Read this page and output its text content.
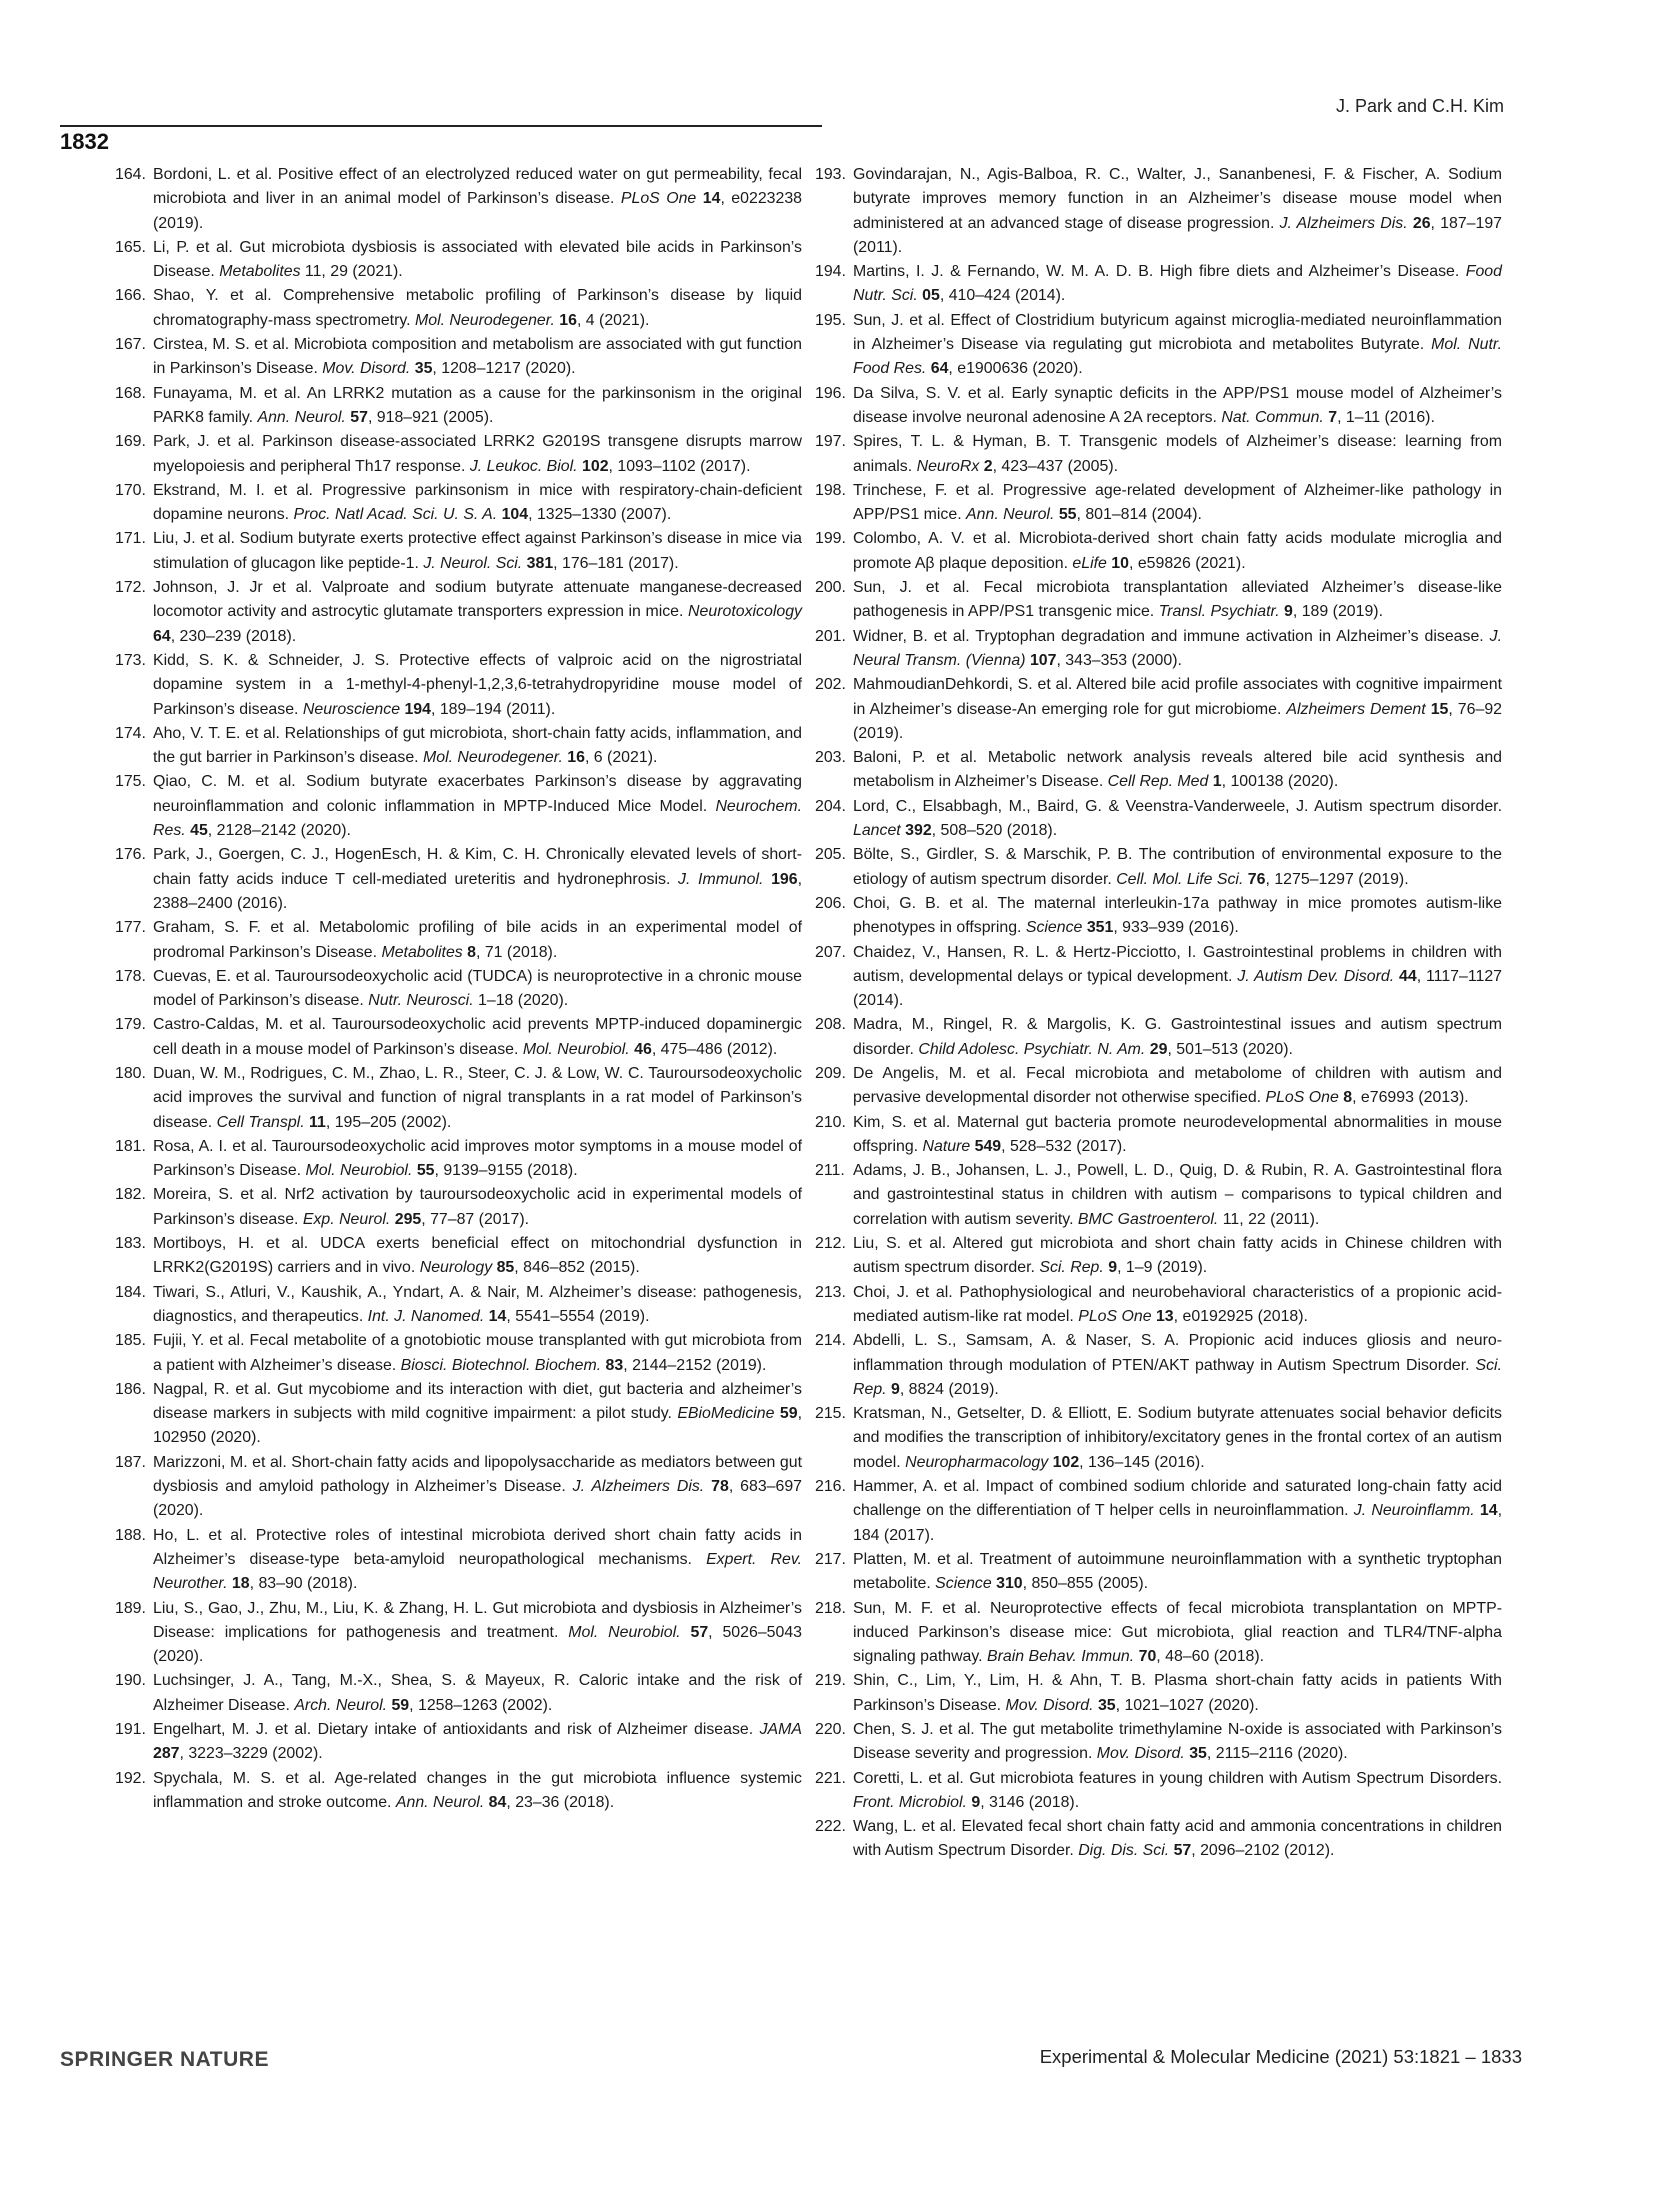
J. Park and C.H. Kim
1832
164. Bordoni, L. et al. Positive effect of an electrolyzed reduced water on gut permeability, fecal microbiota and liver in an animal model of Parkinson’s disease. PLoS One 14, e0223238 (2019).
165. Li, P. et al. Gut microbiota dysbiosis is associated with elevated bile acids in Parkinson’s Disease. Metabolites 11, 29 (2021).
166. Shao, Y. et al. Comprehensive metabolic profiling of Parkinson’s disease by liquid chromatography-mass spectrometry. Mol. Neurodegener. 16, 4 (2021).
167. Cirstea, M. S. et al. Microbiota composition and metabolism are associated with gut function in Parkinson’s Disease. Mov. Disord. 35, 1208–1217 (2020).
168. Funayama, M. et al. An LRRK2 mutation as a cause for the parkinsonism in the original PARK8 family. Ann. Neurol. 57, 918–921 (2005).
169. Park, J. et al. Parkinson disease-associated LRRK2 G2019S transgene disrupts marrow myelopoiesis and peripheral Th17 response. J. Leukoc. Biol. 102, 1093–1102 (2017).
170. Ekstrand, M. I. et al. Progressive parkinsonism in mice with respiratory-chain-deficient dopamine neurons. Proc. Natl Acad. Sci. U. S. A. 104, 1325–1330 (2007).
171. Liu, J. et al. Sodium butyrate exerts protective effect against Parkinson’s disease in mice via stimulation of glucagon like peptide-1. J. Neurol. Sci. 381, 176–181 (2017).
172. Johnson, J. Jr et al. Valproate and sodium butyrate attenuate manganese-decreased locomotor activity and astrocytic glutamate transporters expression in mice. Neurotoxicology 64, 230–239 (2018).
173. Kidd, S. K. & Schneider, J. S. Protective effects of valproic acid on the nigrostriatal dopamine system in a 1-methyl-4-phenyl-1,2,3,6-tetrahydropyridine mouse model of Parkinson’s disease. Neuroscience 194, 189–194 (2011).
174. Aho, V. T. E. et al. Relationships of gut microbiota, short-chain fatty acids, inflammation, and the gut barrier in Parkinson’s disease. Mol. Neurodegener. 16, 6 (2021).
175. Qiao, C. M. et al. Sodium butyrate exacerbates Parkinson’s disease by aggravating neuroinflammation and colonic inflammation in MPTP-Induced Mice Model. Neurochem. Res. 45, 2128–2142 (2020).
176. Park, J., Goergen, C. J., HogenEsch, H. & Kim, C. H. Chronically elevated levels of short-chain fatty acids induce T cell-mediated ureteritis and hydronephrosis. J. Immunol. 196, 2388–2400 (2016).
177. Graham, S. F. et al. Metabolomic profiling of bile acids in an experimental model of prodromal Parkinson’s Disease. Metabolites 8, 71 (2018).
178. Cuevas, E. et al. Tauroursodeoxycholic acid (TUDCA) is neuroprotective in a chronic mouse model of Parkinson’s disease. Nutr. Neurosci. 1–18 (2020).
179. Castro-Caldas, M. et al. Tauroursodeoxycholic acid prevents MPTP-induced dopaminergic cell death in a mouse model of Parkinson’s disease. Mol. Neurobiol. 46, 475–486 (2012).
180. Duan, W. M., Rodrigues, C. M., Zhao, L. R., Steer, C. J. & Low, W. C. Tauroursodeoxycholic acid improves the survival and function of nigral transplants in a rat model of Parkinson’s disease. Cell Transpl. 11, 195–205 (2002).
181. Rosa, A. I. et al. Tauroursodeoxycholic acid improves motor symptoms in a mouse model of Parkinson’s Disease. Mol. Neurobiol. 55, 9139–9155 (2018).
182. Moreira, S. et al. Nrf2 activation by tauroursodeoxycholic acid in experimental models of Parkinson’s disease. Exp. Neurol. 295, 77–87 (2017).
183. Mortiboys, H. et al. UDCA exerts beneficial effect on mitochondrial dysfunction in LRRK2(G2019S) carriers and in vivo. Neurology 85, 846–852 (2015).
184. Tiwari, S., Atluri, V., Kaushik, A., Yndart, A. & Nair, M. Alzheimer’s disease: pathogenesis, diagnostics, and therapeutics. Int. J. Nanomed. 14, 5541–5554 (2019).
185. Fujii, Y. et al. Fecal metabolite of a gnotobiotic mouse transplanted with gut microbiota from a patient with Alzheimer’s disease. Biosci. Biotechnol. Biochem. 83, 2144–2152 (2019).
186. Nagpal, R. et al. Gut mycobiome and its interaction with diet, gut bacteria and alzheimer’s disease markers in subjects with mild cognitive impairment: a pilot study. EBioMedicine 59, 102950 (2020).
187. Marizzoni, M. et al. Short-chain fatty acids and lipopolysaccharide as mediators between gut dysbiosis and amyloid pathology in Alzheimer’s Disease. J. Alzheimers Dis. 78, 683–697 (2020).
188. Ho, L. et al. Protective roles of intestinal microbiota derived short chain fatty acids in Alzheimer’s disease-type beta-amyloid neuropathological mechanisms. Expert. Rev. Neurother. 18, 83–90 (2018).
189. Liu, S., Gao, J., Zhu, M., Liu, K. & Zhang, H. L. Gut microbiota and dysbiosis in Alzheimer’s Disease: implications for pathogenesis and treatment. Mol. Neurobiol. 57, 5026–5043 (2020).
190. Luchsinger, J. A., Tang, M.-X., Shea, S. & Mayeux, R. Caloric intake and the risk of Alzheimer Disease. Arch. Neurol. 59, 1258–1263 (2002).
191. Engelhart, M. J. et al. Dietary intake of antioxidants and risk of Alzheimer disease. JAMA 287, 3223–3229 (2002).
192. Spychala, M. S. et al. Age-related changes in the gut microbiota influence systemic inflammation and stroke outcome. Ann. Neurol. 84, 23–36 (2018).
193. Govindarajan, N., Agis-Balboa, R. C., Walter, J., Sananbenesi, F. & Fischer, A. Sodium butyrate improves memory function in an Alzheimer’s disease mouse model when administered at an advanced stage of disease progression. J. Alzheimers Dis. 26, 187–197 (2011).
194. Martins, I. J. & Fernando, W. M. A. D. B. High fibre diets and Alzheimer’s Disease. Food Nutr. Sci. 05, 410–424 (2014).
195. Sun, J. et al. Effect of Clostridium butyricum against microglia-mediated neuroinflammation in Alzheimer’s Disease via regulating gut microbiota and metabolites Butyrate. Mol. Nutr. Food Res. 64, e1900636 (2020).
196. Da Silva, S. V. et al. Early synaptic deficits in the APP/PS1 mouse model of Alzheimer’s disease involve neuronal adenosine A 2A receptors. Nat. Commun. 7, 1–11 (2016).
197. Spires, T. L. & Hyman, B. T. Transgenic models of Alzheimer’s disease: learning from animals. NeuroRx 2, 423–437 (2005).
198. Trinchese, F. et al. Progressive age-related development of Alzheimer-like pathology in APP/PS1 mice. Ann. Neurol. 55, 801–814 (2004).
199. Colombo, A. V. et al. Microbiota-derived short chain fatty acids modulate microglia and promote Aβ plaque deposition. eLife 10, e59826 (2021).
200. Sun, J. et al. Fecal microbiota transplantation alleviated Alzheimer’s disease-like pathogenesis in APP/PS1 transgenic mice. Transl. Psychiatr. 9, 189 (2019).
201. Widner, B. et al. Tryptophan degradation and immune activation in Alzheimer’s disease. J. Neural Transm. (Vienna) 107, 343–353 (2000).
202. MahmoudianDehkordi, S. et al. Altered bile acid profile associates with cognitive impairment in Alzheimer’s disease-An emerging role for gut microbiome. Alzheimers Dement 15, 76–92 (2019).
203. Baloni, P. et al. Metabolic network analysis reveals altered bile acid synthesis and metabolism in Alzheimer’s Disease. Cell Rep. Med 1, 100138 (2020).
204. Lord, C., Elsabbagh, M., Baird, G. & Veenstra-Vanderweele, J. Autism spectrum disorder. Lancet 392, 508–520 (2018).
205. Bölte, S., Girdler, S. & Marschik, P. B. The contribution of environmental exposure to the etiology of autism spectrum disorder. Cell. Mol. Life Sci. 76, 1275–1297 (2019).
206. Choi, G. B. et al. The maternal interleukin-17a pathway in mice promotes autism-like phenotypes in offspring. Science 351, 933–939 (2016).
207. Chaidez, V., Hansen, R. L. & Hertz-Picciotto, I. Gastrointestinal problems in children with autism, developmental delays or typical development. J. Autism Dev. Disord. 44, 1117–1127 (2014).
208. Madra, M., Ringel, R. & Margolis, K. G. Gastrointestinal issues and autism spectrum disorder. Child Adolesc. Psychiatr. N. Am. 29, 501–513 (2020).
209. De Angelis, M. et al. Fecal microbiota and metabolome of children with autism and pervasive developmental disorder not otherwise specified. PLoS One 8, e76993 (2013).
210. Kim, S. et al. Maternal gut bacteria promote neurodevelopmental abnormalities in mouse offspring. Nature 549, 528–532 (2017).
211. Adams, J. B., Johansen, L. J., Powell, L. D., Quig, D. & Rubin, R. A. Gastrointestinal flora and gastrointestinal status in children with autism – comparisons to typical children and correlation with autism severity. BMC Gastroenterol. 11, 22 (2011).
212. Liu, S. et al. Altered gut microbiota and short chain fatty acids in Chinese children with autism spectrum disorder. Sci. Rep. 9, 1–9 (2019).
213. Choi, J. et al. Pathophysiological and neurobehavioral characteristics of a propionic acid-mediated autism-like rat model. PLoS One 13, e0192925 (2018).
214. Abdelli, L. S., Samsam, A. & Naser, S. A. Propionic acid induces gliosis and neuro-inflammation through modulation of PTEN/AKT pathway in Autism Spectrum Disorder. Sci. Rep. 9, 8824 (2019).
215. Kratsman, N., Getselter, D. & Elliott, E. Sodium butyrate attenuates social behavior deficits and modifies the transcription of inhibitory/excitatory genes in the frontal cortex of an autism model. Neuropharmacology 102, 136–145 (2016).
216. Hammer, A. et al. Impact of combined sodium chloride and saturated long-chain fatty acid challenge on the differentiation of T helper cells in neuroinflammation. J. Neuroinflamm. 14, 184 (2017).
217. Platten, M. et al. Treatment of autoimmune neuroinflammation with a synthetic tryptophan metabolite. Science 310, 850–855 (2005).
218. Sun, M. F. et al. Neuroprotective effects of fecal microbiota transplantation on MPTP-induced Parkinson’s disease mice: Gut microbiota, glial reaction and TLR4/TNF-alpha signaling pathway. Brain Behav. Immun. 70, 48–60 (2018).
219. Shin, C., Lim, Y., Lim, H. & Ahn, T. B. Plasma short-chain fatty acids in patients With Parkinson’s Disease. Mov. Disord. 35, 1021–1027 (2020).
220. Chen, S. J. et al. The gut metabolite trimethylamine N-oxide is associated with Parkinson’s Disease severity and progression. Mov. Disord. 35, 2115–2116 (2020).
221. Coretti, L. et al. Gut microbiota features in young children with Autism Spectrum Disorders. Front. Microbiol. 9, 3146 (2018).
222. Wang, L. et al. Elevated fecal short chain fatty acid and ammonia concentrations in children with Autism Spectrum Disorder. Dig. Dis. Sci. 57, 2096–2102 (2012).
SPRINGER NATURE	Experimental & Molecular Medicine (2021) 53:1821 – 1833
